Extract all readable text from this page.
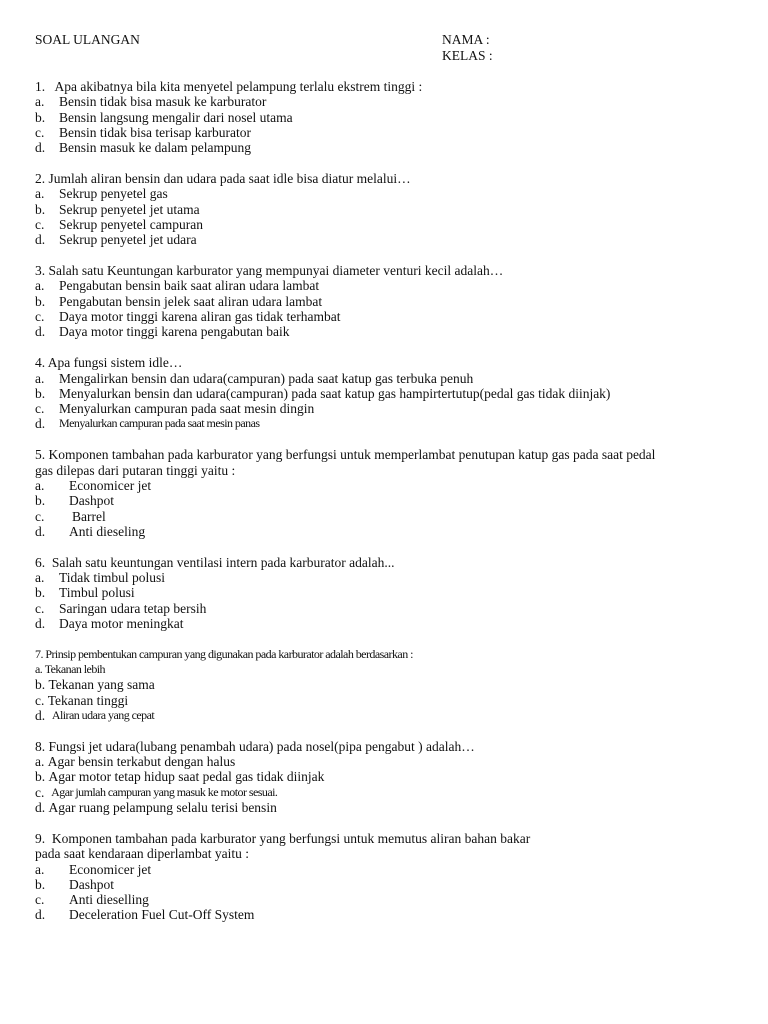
SOAL ULANGAN	NAMA :
KELAS :
1. Apa akibatnya bila kita menyetel pelampung terlalu ekstrem tinggi :
a.	Bensin tidak bisa masuk ke karburator
b.	Bensin langsung mengalir dari nosel utama
c.	Bensin tidak bisa terisap karburator
d.	Bensin masuk ke dalam pelampung
2. Jumlah aliran bensin dan udara pada saat idle bisa diatur melalui…
a.	Sekrup penyetel gas
b.	Sekrup penyetel jet utama
c.	Sekrup penyetel campuran
d.	Sekrup penyetel jet udara
3. Salah satu Keuntungan karburator yang mempunyai diameter venturi kecil adalah…
a.	Pengabutan bensin baik saat aliran udara lambat
b.	Pengabutan bensin jelek saat aliran udara lambat
c.	Daya motor tinggi karena aliran gas tidak terhambat
d.	Daya motor tinggi karena pengabutan baik
4. Apa fungsi sistem idle…
a.	Mengalirkan bensin dan udara(campuran) pada saat katup gas terbuka penuh
b.	Menyalurkan bensin dan udara(campuran) pada saat katup gas hampirtertutup(pedal gas tidak diinjak)
c.	Menyalurkan campuran pada saat mesin dingin
d.	Menyalurkan campuran pada saat mesin panas
5. Komponen tambahan pada karburator yang berfungsi untuk memperlambat penutupan katup gas pada saat pedal
gas dilepas dari putaran tinggi yaitu :
a.	Economicer jet
b.	Dashpot
c.	Barrel
d.	Anti dieseling
6. Salah satu keuntungan ventilasi intern pada karburator adalah...
a.	Tidak timbul polusi
b.	Timbul polusi
c.	Saringan udara tetap bersih
d.	Daya motor meningkat
7. Prinsip pembentukan campuran yang digunakan pada karburator adalah berdasarkan :
a.
Tekanan lebih
b.
Tekanan yang sama
c.
Tekanan tinggi
d.
Aliran udara yang cepat
8. Fungsi jet udara(lubang penambah udara) pada nosel(pipa pengabut ) adalah…
a.
Agar bensin terkabut dengan halus
b.
Agar motor tetap hidup saat pedal gas tidak diinjak
c.
Agar jumlah campuran yang masuk ke motor sesuai.
d.
Agar ruang pelampung selalu terisi bensin
9. Komponen tambahan pada karburator yang berfungsi untuk memutus aliran bahan bakar
pada saat kendaraan diperlambat yaitu :
a.	Economicer jet
b.	Dashpot
c.	Anti dieselling
d.	Deceleration Fuel Cut-Off System
